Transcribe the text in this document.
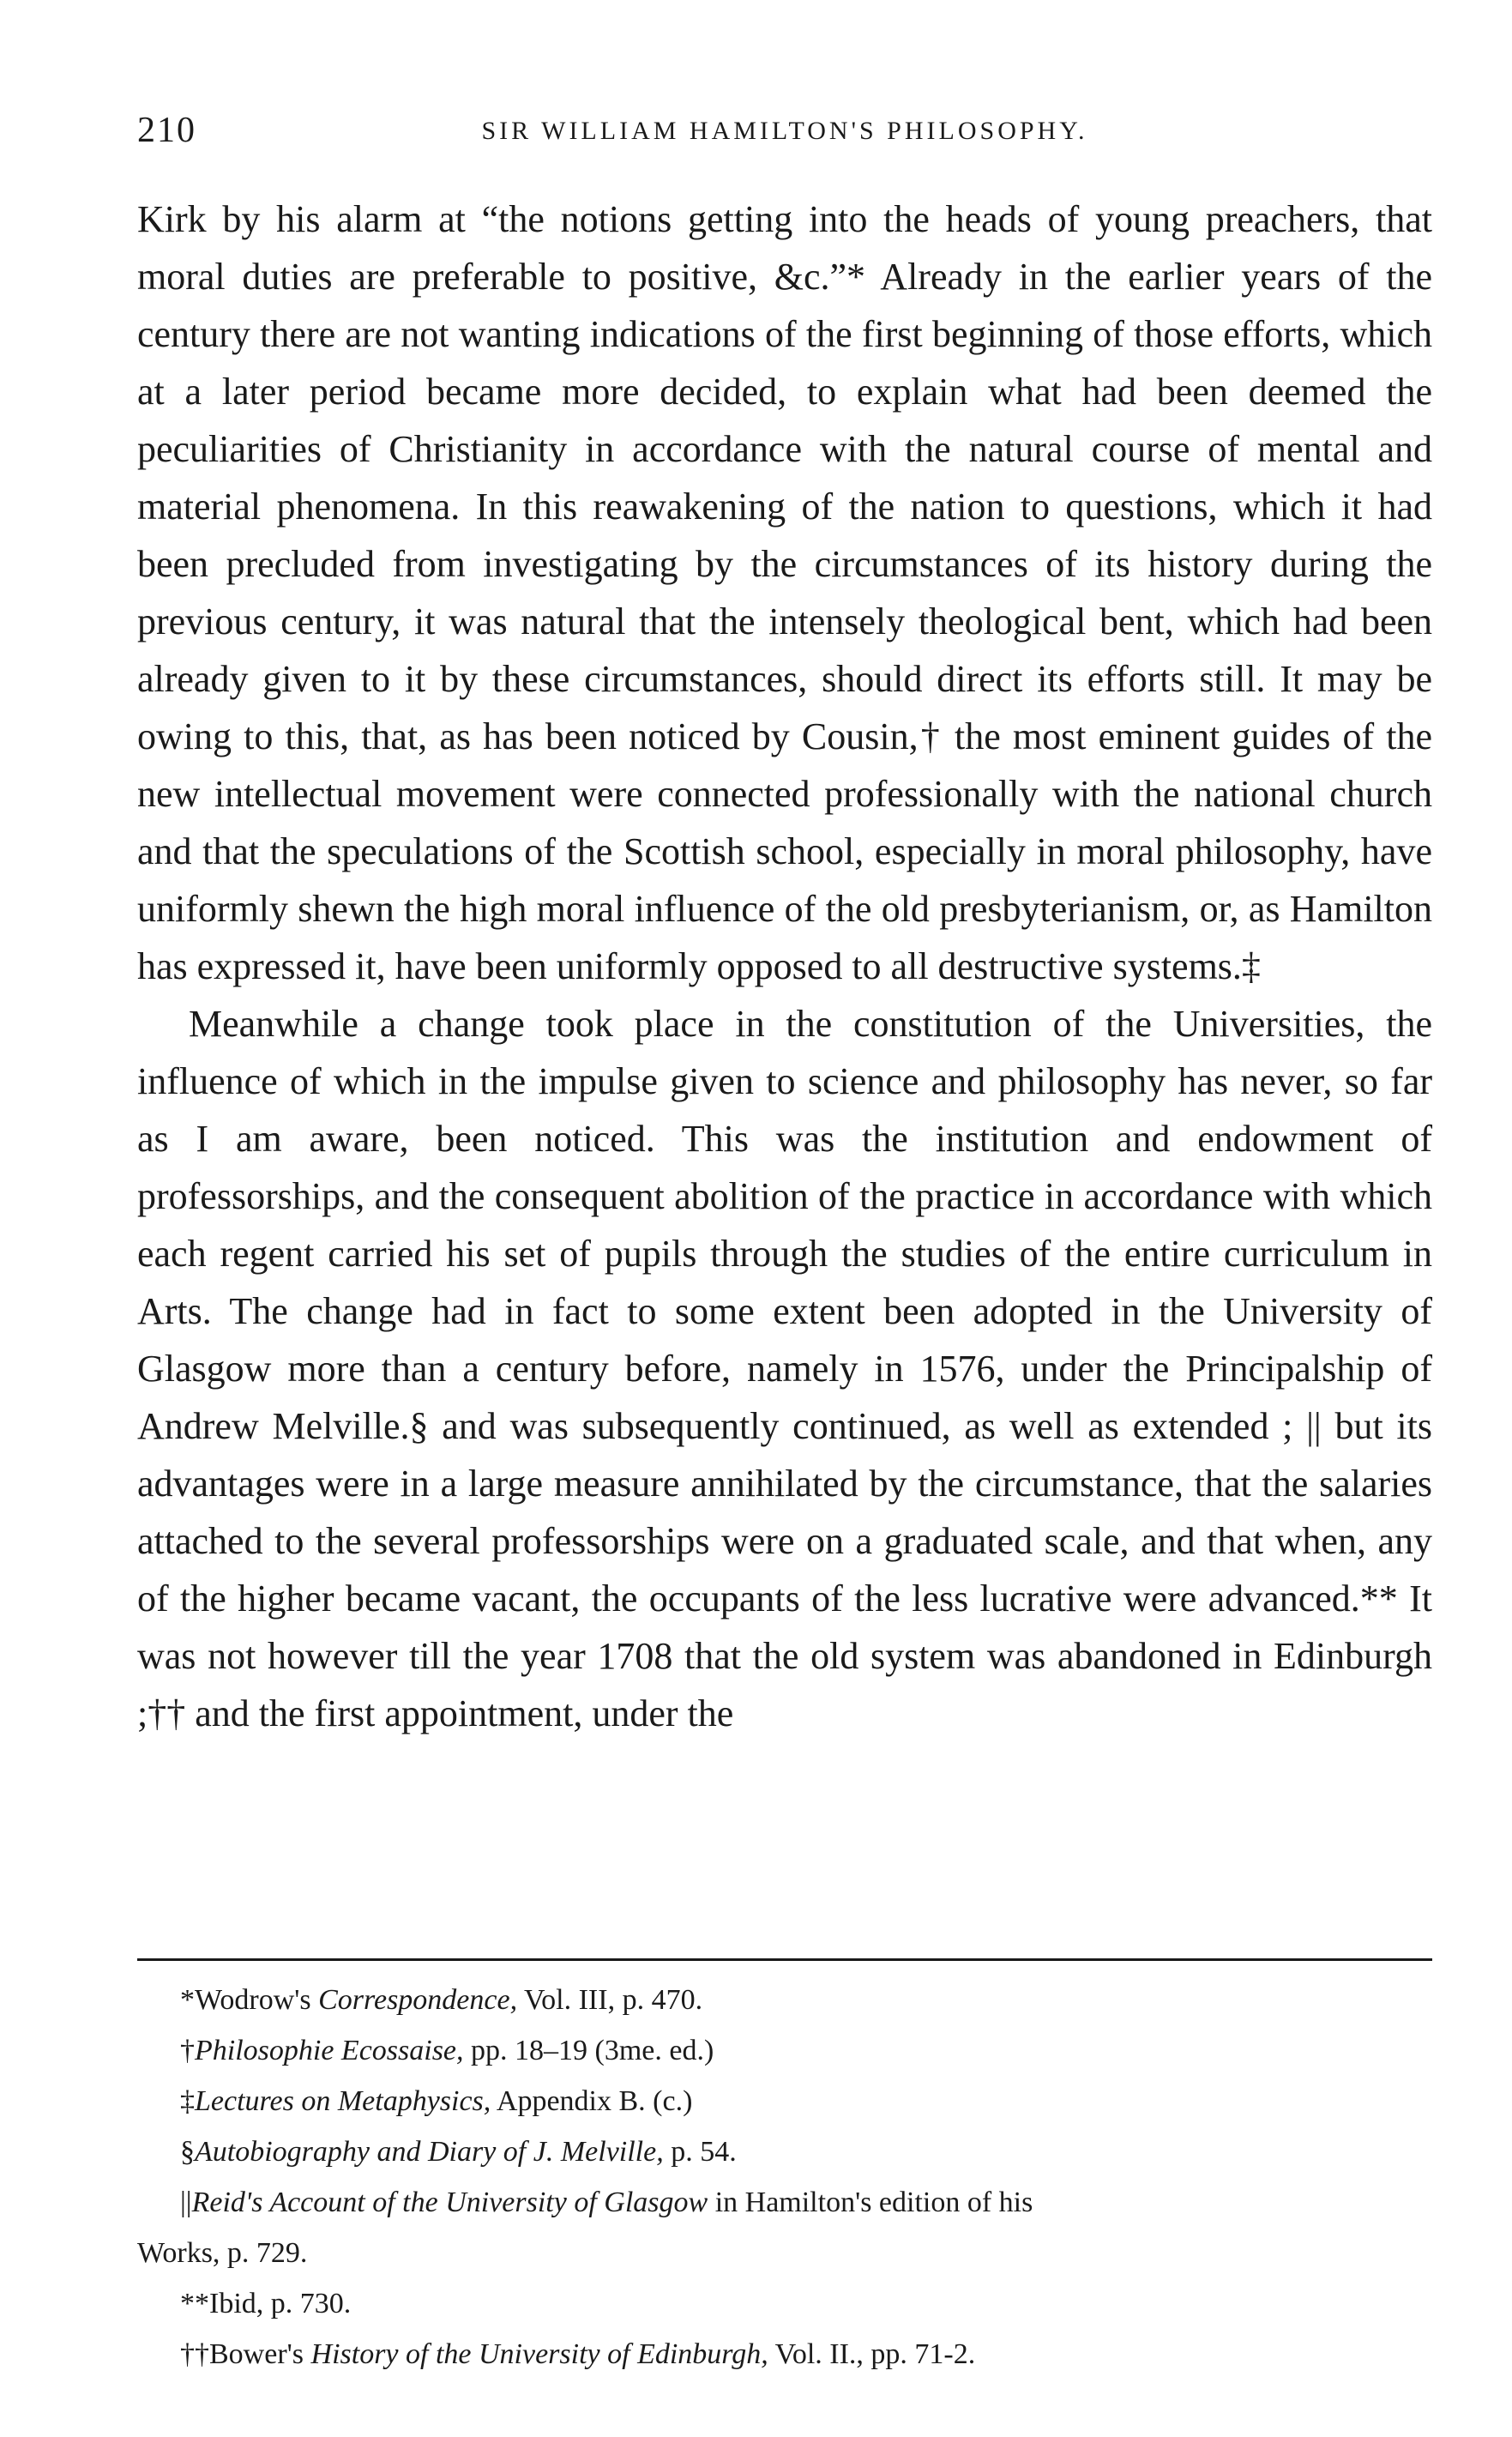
210	SIR WILLIAM HAMILTON'S PHILOSOPHY.

Kirk by his alarm at “the notions getting into the heads of young preachers, that moral duties are preferable to positive, &c.”* Already in the earlier years of the century there are not wanting indications of the first beginning of those efforts, which at a later period became more decided, to explain what had been deemed the peculiarities of Christianity in accordance with the natural course of mental and material phenomena. In this reawakening of the nation to questions, which it had been precluded from investigating by the circumstances of its history during the previous century, it was natural that the intensely theological bent, which had been already given to it by these circumstances, should direct its efforts still. It may be owing to this, that, as has been noticed by Cousin,† the most eminent guides of the new intellectual movement were connected professionally with the national church and that the speculations of the Scottish school, especially in moral philosophy, have uniformly shewn the high moral influence of the old presbyterianism, or, as Hamilton has expressed it, have been uniformly opposed to all destructive systems.‡

Meanwhile a change took place in the constitution of the Universities, the influence of which in the impulse given to science and philosophy has never, so far as I am aware, been noticed. This was the institution and endowment of professorships, and the consequent abolition of the practice in accordance with which each regent carried his set of pupils through the studies of the entire curriculum in Arts. The change had in fact to some extent been adopted in the University of Glasgow more than a century before, namely in 1576, under the Principalship of Andrew Melville.§ and was subsequently continued, as well as extended ; || but its advantages were in a large measure annihilated by the circumstance, that the salaries attached to the several professorships were on a graduated scale, and that when, any of the higher became vacant, the occupants of the less lucrative were advanced.** It was not however till the year 1708 that the old system was abandoned in Edinburgh ;†† and the first appointment, under the

*Wodrow's Correspondence, Vol. III, p. 470.

†Philosophie Ecossaise, pp. 18–19 (3me. ed.)

‡Lectures on Metaphysics, Appendix B. (c.)

§Autobiography and Diary of J. Melville, p. 54.

||Reid's Account of the University of Glasgow in Hamilton's edition of his

Works, p. 729.

**Ibid, p. 730.

††Bower's History of the University of Edinburgh, Vol. II., pp. 71-2.
